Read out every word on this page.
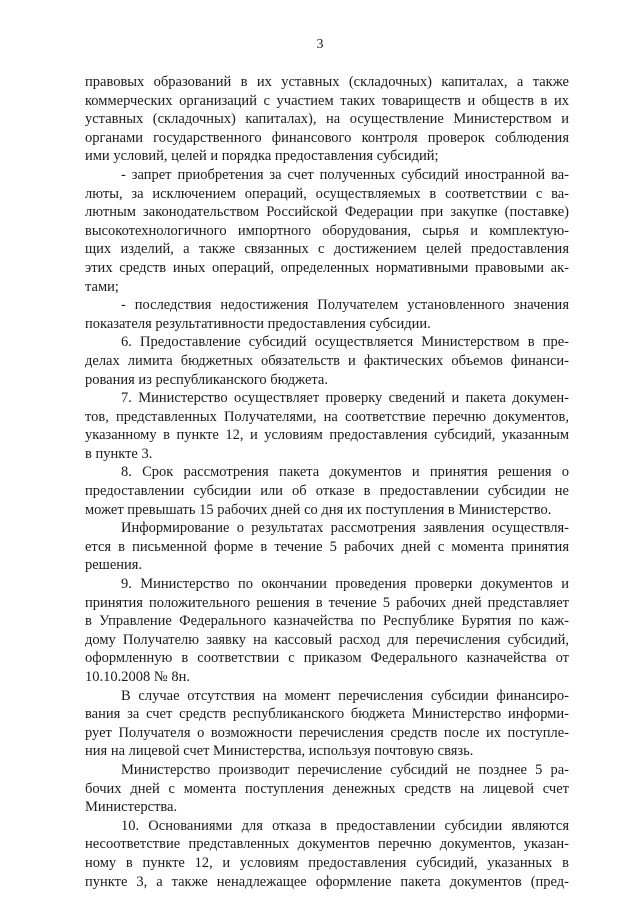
3

правовых образований в их уставных (складочных) капиталах, а также
коммерческих организаций с участием таких товариществ и обществ в их
уставных (складочных) капиталах), на осуществление Министерством и
органами государственного финансового контроля проверок соблюдения
ими условий, целей и порядка предоставления субсидий;

- запрет приобретения за счет полученных субсидий иностранной ва-
люты, за исключением операций, осуществляемых в соответствии с ва-
лютным законодательством Российской Федерации при закупке (поставке)
высокотехнологичного импортного оборудования, сырья и комплектую-
щих изделий, а также связанных с достижением целей предоставления
этих средств иных операций, определенных нормативными правовыми ак-
тами;

- последствия недостижения Получателем установленного значения
показателя результативности предоставления субсидии.

6. Предоставление субсидий осуществляется Министерством в пре-
делах лимита бюджетных обязательств и фактических объемов финанси-
рования из республиканского бюджета.

7. Министерство осуществляет проверку сведений и пакета докумен-
тов, представленных Получателями, на соответствие перечню документов,
указанному в пункте 12, и условиям предоставления субсидий, указанным
в пункте 3.

8. Срок рассмотрения пакета документов и принятия решения о
предоставлении субсидии или об отказе в предоставлении субсидии не
может превышать 15 рабочих дней со дня их поступления в Министерство.

Информирование о результатах рассмотрения заявления осуществля-
ется в письменной форме в течение 5 рабочих дней с момента принятия
решения.

9. Министерство по окончании проведения проверки документов и
принятия положительного решения в течение 5 рабочих дней представляет
в Управление Федерального казначейства по Республике Бурятия по каж-
дому Получателю заявку на кассовый расход для перечисления субсидий,
оформленную в соответствии с приказом Федерального казначейства от
10.10.2008 № 8н.

В случае отсутствия на момент перечисления субсидии финансиро-
вания за счет средств республиканского бюджета Министерство информи-
рует Получателя о возможности перечисления средств после их поступле-
ния на лицевой счет Министерства, используя почтовую связь.

Министерство производит перечисление субсидий не позднее 5 ра-
бочих дней с момента поступления денежных средств на лицевой счет
Министерства.

10. Основаниями для отказа в предоставлении субсидии являются
несоответствие представленных документов перечню документов, указан-
ному в пункте 12, и условиям предоставления субсидий, указанных в
пункте 3, а также ненадлежащее оформление пакета документов (пред-
